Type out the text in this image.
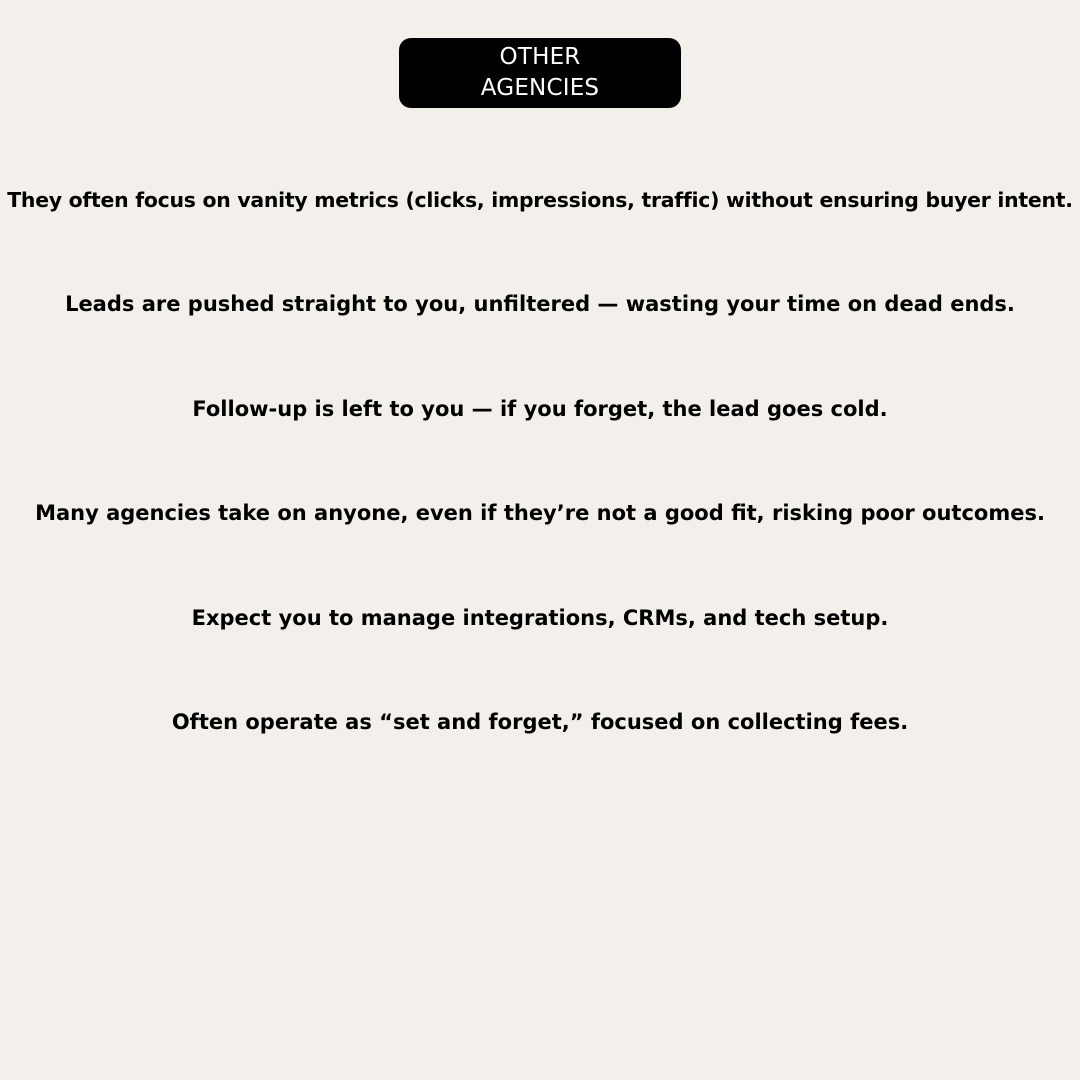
OTHER
AGENCIES

They often focus on vanity metrics (clicks, impressions, traffic) without ensuring buyer intent.

Leads are pushed straight to you, unfiltered — wasting your time on dead ends.

Follow-up is left to you — if you forget, the lead goes cold.

Many agencies take on anyone, even if they’re not a good fit, risking poor outcomes.

Expect you to manage integrations, CRMs, and tech setup.

Often operate as “set and forget,” focused on collecting fees.
